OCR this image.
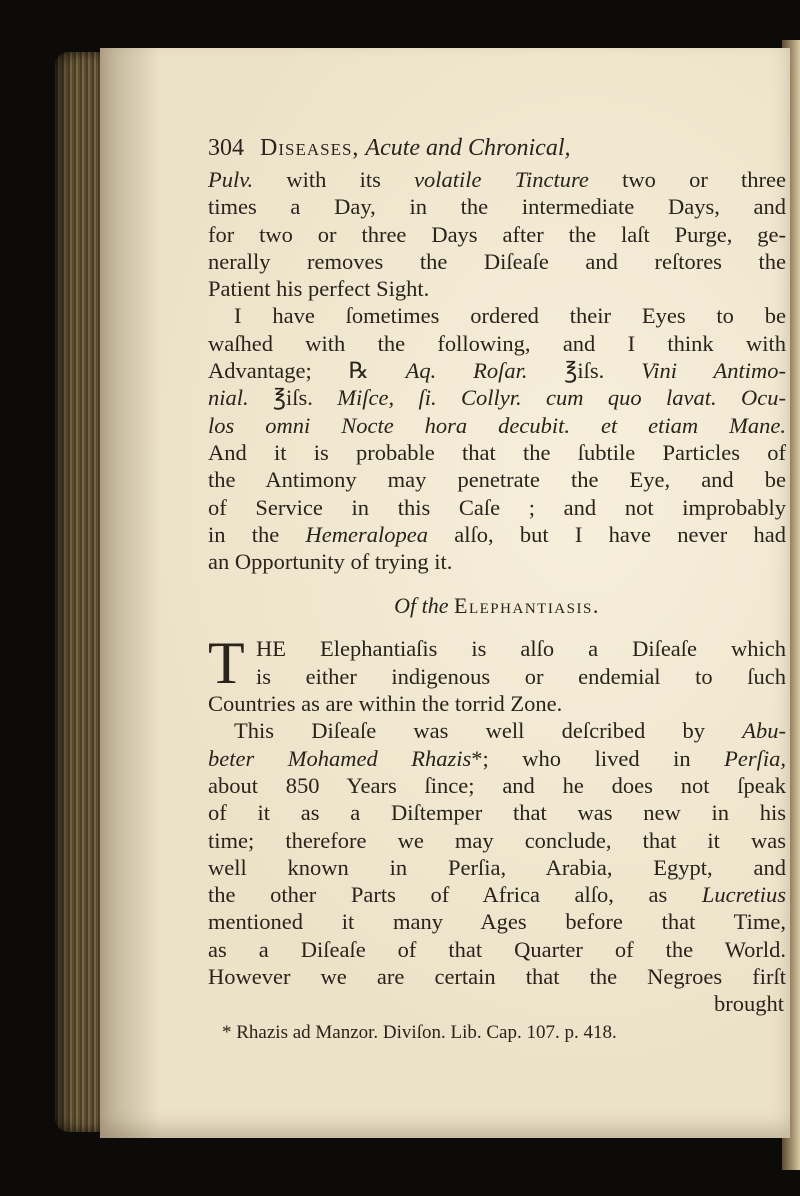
304 Diseases, Acute and Chronical,
Pulv. with its volatile Tincture two or three
times a Day, in the intermediate Days, and
for two or three Days after the laſt Purge, ge-
nerally removes the Diſeaſe and reſtores the
Patient his perfect Sight.
I have ſometimes ordered their Eyes to be
waſhed with the following, and I think with
Advantage; ℞ Aq. Roſar. ℥iſs. Vini Antimo-
nial. ℥iſs. Miſce, ſi. Collyr. cum quo lavat. Ocu-
los omni Nocte hora decubit. et etiam Mane.
And it is probable that the ſubtile Particles of
the Antimony may penetrate the Eye, and be
of Service in this Caſe ; and not improbably
in the Hemeralopea alſo, but I have never had
an Opportunity of trying it.
Of the Elephantiasis.
T HE Elephantiaſis is alſo a Diſeaſe which
is either indigenous or endemial to ſuch
Countries as are within the torrid Zone.
This Diſeaſe was well deſcribed by Abu-
beter Mohamed Rhazis*; who lived in Perſia,
about 850 Years ſince; and he does not ſpeak
of it as a Diſtemper that was new in his
time; therefore we may conclude, that it was
well known in Perſia, Arabia, Egypt, and
the other Parts of Africa alſo, as Lucretius
mentioned it many Ages before that Time,
as a Diſeaſe of that Quarter of the World.
However we are certain that the Negroes firſt
brought
* Rhazis ad Manzor. Diviſon. Lib. Cap. 107. p. 418.
